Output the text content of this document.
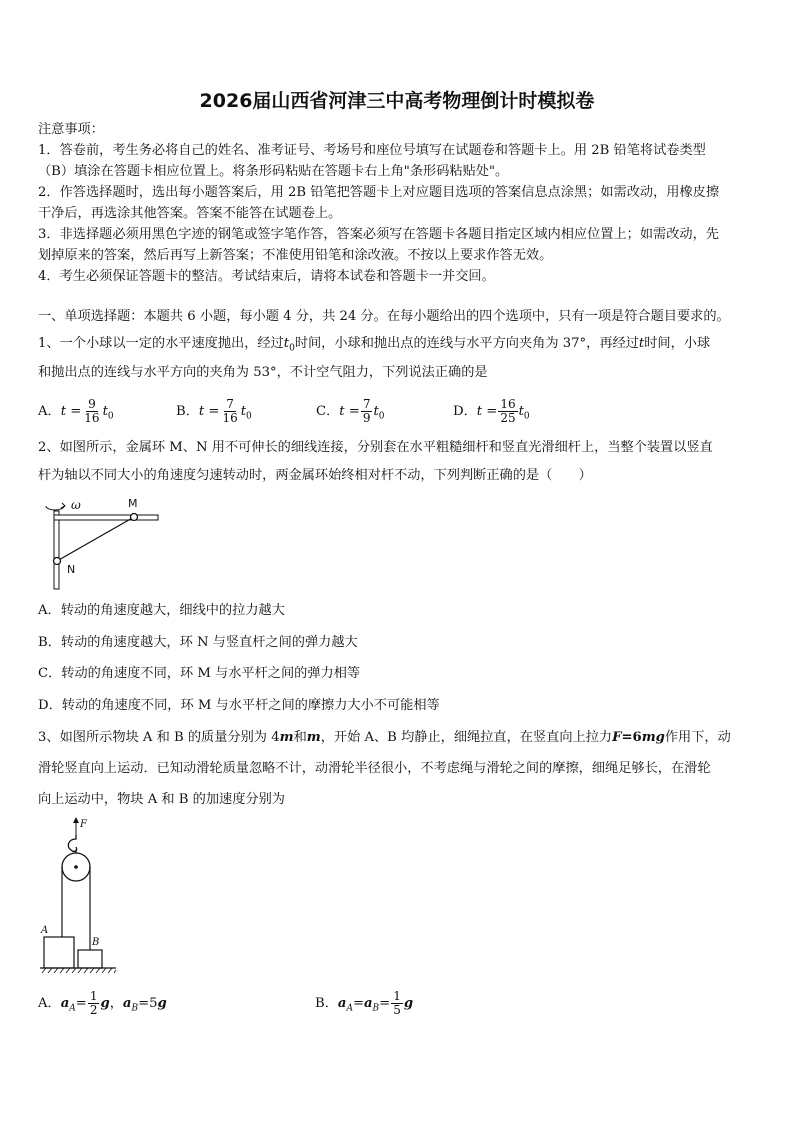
2026届山西省河津三中高考物理倒计时模拟卷
注意事项：
1．答卷前，考生务必将自己的姓名、准考证号、考场号和座位号填写在试题卷和答题卡上。用 2B 铅笔将试卷类型
（B）填涂在答题卡相应位置上。将条形码粘贴在答题卡右上角"条形码粘贴处"。
2．作答选择题时，选出每小题答案后，用 2B 铅笔把答题卡上对应题目选项的答案信息点涂黑；如需改动，用橡皮擦
干净后，再选涂其他答案。答案不能答在试题卷上。
3．非选择题必须用黑色字迹的钢笔或签字笔作答，答案必须写在答题卡各题目指定区域内相应位置上；如需改动，先
划掉原来的答案，然后再写上新答案；不准使用铅笔和涂改液。不按以上要求作答无效。
4．考生必须保证答题卡的整洁。考试结束后，请将本试卷和答题卡一并交回。
一、单项选择题：本题共 6 小题，每小题 4 分，共 24 分。在每小题给出的四个选项中，只有一项是符合题目要求的。
1、一个小球以一定的水平速度抛出，经过$t_0$时间，小球和抛出点的连线与水平方向夹角为 37°，再经过t时间，小球
和抛出点的连线与水平方向的夹角为 53°，不计空气阻力，下列说法正确的是
A．$t = \frac{9}{16} t_0$	B．$t = \frac{7}{16} t_0$	C．$t = \frac{7}{9} t_0$	D．$t = \frac{16}{25} t_0$
2、如图所示，金属环 M、N 用不可伸长的细线连接，分别套在水平粗糙细杆和竖直光滑细杆上，当整个装置以竖直
杆为轴以不同大小的角速度匀速转动时，两金属环始终相对杆不动，下列判断正确的是（　　）
ω	M
N
A．转动的角速度越大，细线中的拉力越大
B．转动的角速度越大，环 N 与竖直杆之间的弹力越大
C．转动的角速度不同，环 M 与水平杆之间的弹力相等
D．转动的角速度不同，环 M 与水平杆之间的摩擦力大小不可能相等
3、如图所示物块 A 和 B 的质量分别为 4m和m，开始 A、B 均静止，细绳拉直，在竖直向上拉力F=6mg作用下，动
滑轮竖直向上运动．已知动滑轮质量忽略不计，动滑轮半径很小，不考虑绳与滑轮之间的摩擦，细绳足够长，在滑轮
向上运动中，物块 A 和 B 的加速度分别为
F
A
B
A．$a_A= \frac{1}{2}$ g，$a_B=5g$	B．$a_A=a_B= \frac{1}{5}$ g
